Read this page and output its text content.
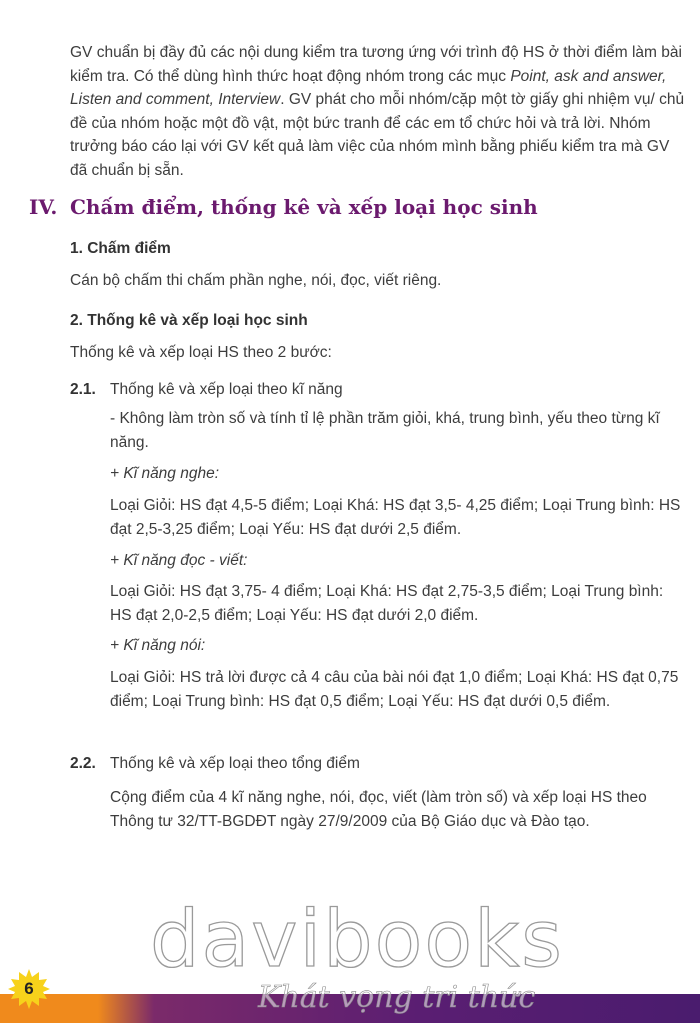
GV chuẩn bị đầy đủ các nội dung kiểm tra tương ứng với trình độ HS ở thời điểm làm bài kiểm tra. Có thể dùng hình thức hoạt động nhóm trong các mục Point, ask and answer, Listen and comment, Interview. GV phát cho mỗi nhóm/cặp một tờ giấy ghi nhiệm vụ/ chủ đề của nhóm hoặc một đồ vật, một bức tranh để các em tổ chức hỏi và trả lời. Nhóm trưởng báo cáo lại với GV kết quả làm việc của nhóm mình bằng phiếu kiểm tra mà GV đã chuẩn bị sẵn.

IV. Chấm điểm, thống kê và xếp loại học sinh
1. Chấm điểm
Cán bộ chấm thi chấm phần nghe, nói, đọc, viết riêng.
2. Thống kê và xếp loại học sinh
Thống kê và xếp loại HS theo 2 bước:
2.1. Thống kê và xếp loại theo kĩ năng

- Không làm tròn số và tính tỉ lệ phần trăm giỏi, khá, trung bình, yếu theo từng kĩ năng.

+ Kĩ năng nghe:

Loại Giỏi: HS đạt 4,5-5 điểm; Loại Khá: HS đạt 3,5- 4,25 điểm; Loại Trung bình: HS đạt 2,5-3,25 điểm; Loại Yếu: HS đạt dưới 2,5 điểm.

+ Kĩ năng đọc - viết:

Loại Giỏi: HS đạt 3,75- 4 điểm; Loại Khá: HS đạt 2,75-3,5 điểm; Loại Trung bình: HS đạt 2,0-2,5 điểm; Loại Yếu: HS đạt dưới 2,0 điểm.

+ Kĩ năng nói:

Loại Giỏi: HS trả lời được cả 4 câu của bài nói đạt 1,0 điểm; Loại Khá: HS đạt 0,75 điểm; Loại Trung bình: HS đạt 0,5 điểm; Loại Yếu: HS đạt dưới 0,5 điểm.

2.2. Thống kê và xếp loại theo tổng điểm

Cộng điểm của 4 kĩ năng nghe, nói, đọc, viết (làm tròn số) và xếp loại HS theo Thông tư 32/TT-BGDĐT ngày 27/9/2009 của Bộ Giáo dục và Đào tạo.

davibooks
6	Khát vọng tri thức
